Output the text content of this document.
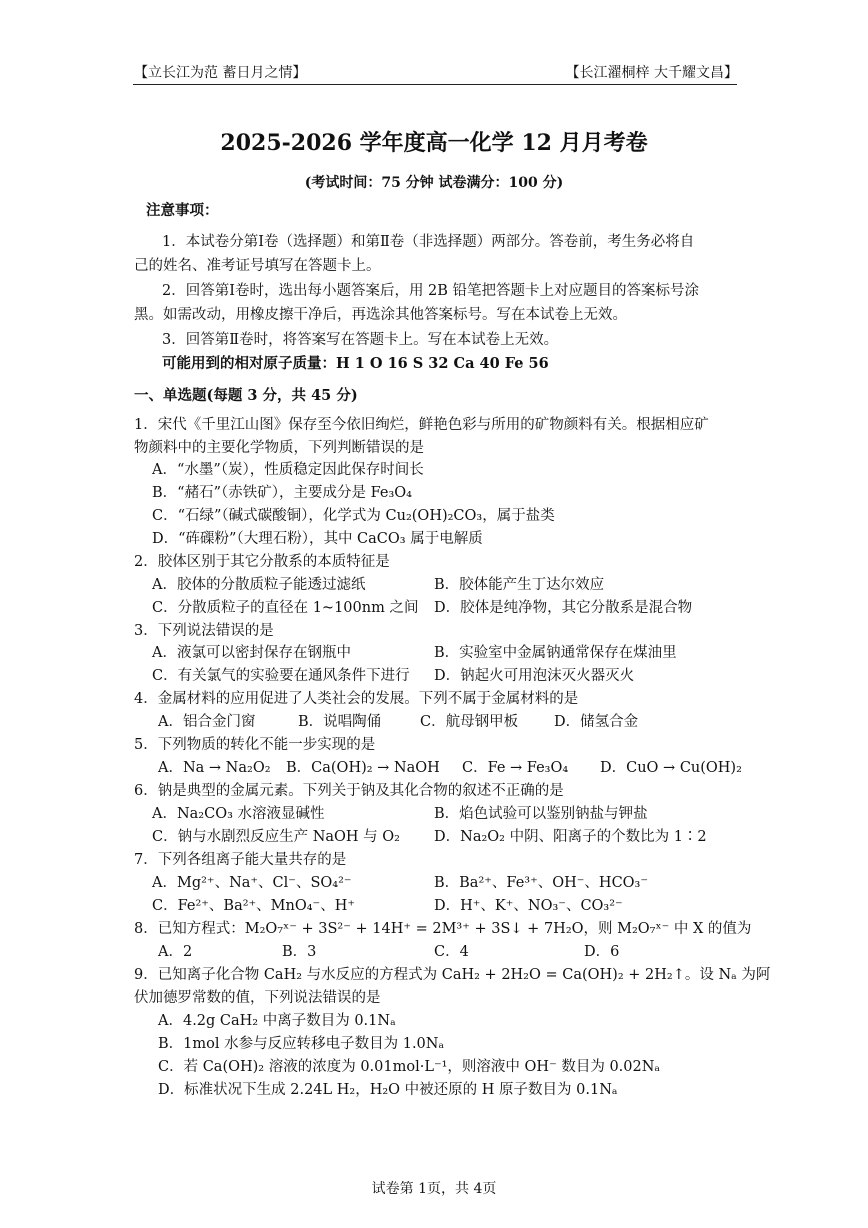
【立长江为范 蓄日月之情】	【长江濯桐梓 大千耀文昌】
2025-2026 学年度高一化学 12 月月考卷
(考试时间：75 分钟 试卷满分：100 分)
注意事项：
1．本试卷分第Ⅰ卷（选择题）和第Ⅱ卷（非选择题）两部分。答卷前，考生务必将自
己的姓名、准考证号填写在答题卡上。
2．回答第Ⅰ卷时，选出每小题答案后，用 2B 铅笔把答题卡上对应题目的答案标号涂
黑。如需改动，用橡皮擦干净后，再选涂其他答案标号。写在本试卷上无效。
3．回答第Ⅱ卷时，将答案写在答题卡上。写在本试卷上无效。
可能用到的相对原子质量：H 1 O 16 S 32 Ca 40 Fe 56
一、单选题(每题 3 分，共 45 分)
1．宋代《千里江山图》保存至今依旧绚烂，鲜艳色彩与所用的矿物颜料有关。根据相应矿
物颜料中的主要化学物质，下列判断错误的是
A．“水墨”（炭），性质稳定因此保存时间长
B．“赭石”（赤铁矿），主要成分是 Fe₃O₄
C．“石绿”（碱式碳酸铜），化学式为 Cu₂(OH)₂CO₃，属于盐类
D．“砗磲粉”（大理石粉），其中 CaCO₃ 属于电解质
2．胶体区别于其它分散系的本质特征是
A．胶体的分散质粒子能透过滤纸	B．胶体能产生丁达尔效应
C．分散质粒子的直径在 1~100nm 之间 D．胶体是纯净物，其它分散系是混合物
3．下列说法错误的是
A．液氯可以密封保存在钢瓶中	B．实验室中金属钠通常保存在煤油里
C．有关氯气的实验要在通风条件下进行 D．钠起火可用泡沫灭火器灭火
4．金属材料的应用促进了人类社会的发展。下列不属于金属材料的是
A．铝合金门窗	B．说唱陶俑	C．航母钢甲板 D．储氢合金
5．下列物质的转化不能一步实现的是
A．Na → Na₂O₂ B．Ca(OH)₂ → NaOH C．Fe → Fe₃O₄ D．CuO → Cu(OH)₂
6．钠是典型的金属元素。下列关于钠及其化合物的叙述不正确的是
A．Na₂CO₃ 水溶液显碱性	B．焰色试验可以鉴别钠盐与钾盐
C．钠与水剧烈反应生产 NaOH 与 O₂ D．Na₂O₂ 中阴、阳离子的个数比为 1∶2
7．下列各组离子能大量共存的是
A．Mg²⁺、Na⁺、Cl⁻、SO₄²⁻	B．Ba²⁺、Fe³⁺、OH⁻、HCO₃⁻
C．Fe²⁺、Ba²⁺、MnO₄⁻、H⁺	D．H⁺、K⁺、NO₃⁻、CO₃²⁻
8．已知方程式：M₂O₇ˣ⁻ + 3S²⁻ + 14H⁺ = 2M³⁺ + 3S↓ + 7H₂O，则 M₂O₇ˣ⁻ 中 X 的值为
A．2	B．3	C．4	D．6
9．已知离子化合物 CaH₂ 与水反应的方程式为 CaH₂ + 2H₂O = Ca(OH)₂ + 2H₂↑。设 Nₐ 为阿
伏加德罗常数的值，下列说法错误的是
A．4.2g CaH₂ 中离子数目为 0.1Nₐ
B．1mol 水参与反应转移电子数目为 1.0Nₐ
C．若 Ca(OH)₂ 溶液的浓度为 0.01mol·L⁻¹，则溶液中 OH⁻ 数目为 0.02Nₐ
D．标准状况下生成 2.24L H₂，H₂O 中被还原的 H 原子数目为 0.1Nₐ
试卷第 1页，共 4页
